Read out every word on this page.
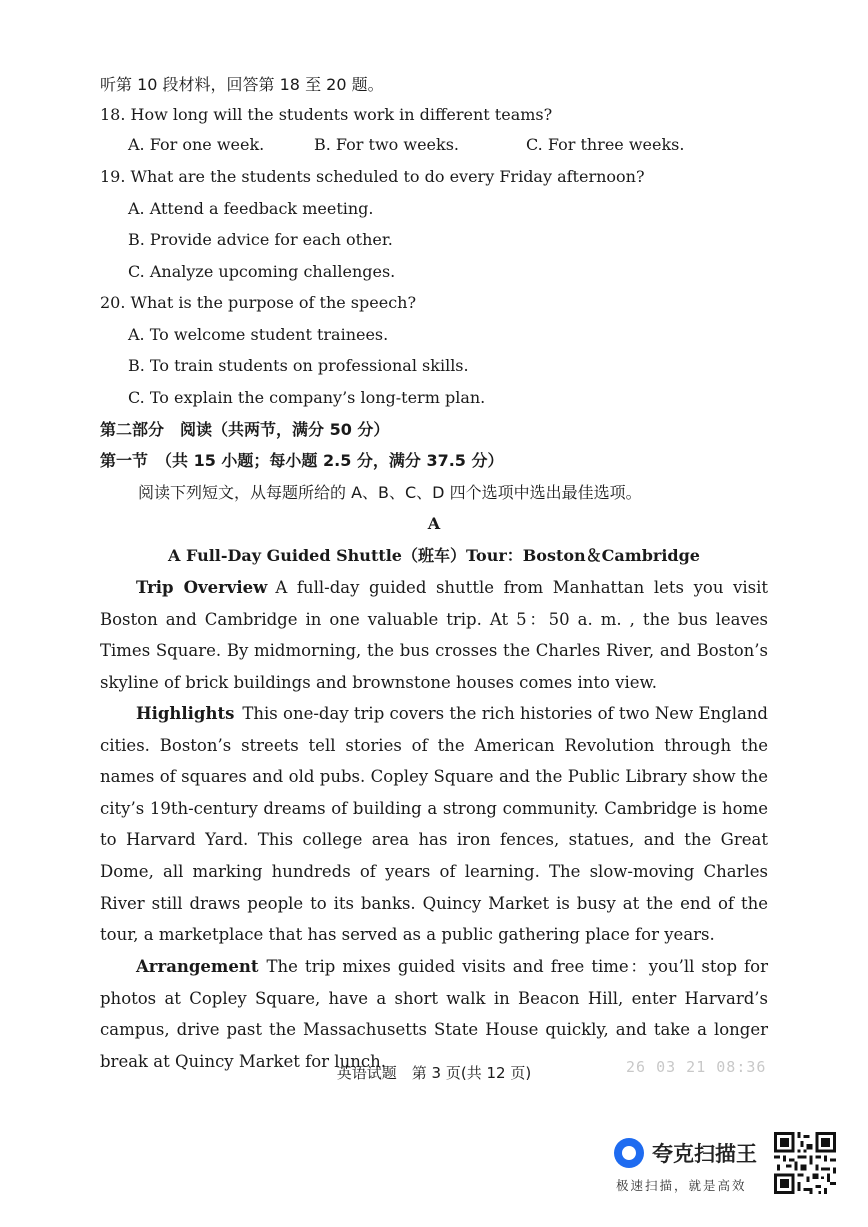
听第 10 段材料，回答第 18 至 20 题。
18. How long will the students work in different teams?
A. For one week.	B. For two weeks.	C. For three weeks.
19. What are the students scheduled to do every Friday afternoon?
A. Attend a feedback meeting.
B. Provide advice for each other.
C. Analyze upcoming challenges.
20. What is the purpose of the speech?
A. To welcome student trainees.
B. To train students on professional skills.
C. To explain the company’s long-term plan.
第二部分　阅读（共两节，满分 50 分）
第一节　（共 15 小题；每小题 2.5 分，满分 37.5 分）
阅读下列短文，从每题所给的 A、B、C、D 四个选项中选出最佳选项。
A
A Full-Day Guided Shuttle（班车）Tour：Boston＆Cambridge

Trip Overview A full-day guided shuttle from Manhattan lets you visit Boston and Cambridge in one valuable trip. At 5：50 a. m. , the bus leaves Times Square. By midmorning, the bus crosses the Charles River, and Boston’s skyline of brick buildings and brownstone houses comes into view.

Highlights This one-day trip covers the rich histories of two New England cities. Boston’s streets tell stories of the American Revolution through the names of squares and old pubs. Copley Square and the Public Library show the city’s 19th-century dreams of building a strong community. Cambridge is home to Harvard Yard. This college area has iron fences, statues, and the Great Dome, all marking hundreds of years of learning. The slow-moving Charles River still draws people to its banks. Quincy Market is busy at the end of the tour, a marketplace that has served as a public gathering place for years.

Arrangement The trip mixes guided visits and free time：you’ll stop for photos at Copley Square, have a short walk in Beacon Hill, enter Harvard’s campus, drive past the Massachusetts State House quickly, and take a longer break at Quincy Market for lunch.

英语试题　第 3 页(共 12 页)	26 03 21 08:36
夸克扫描王
极速扫描，就是高效
